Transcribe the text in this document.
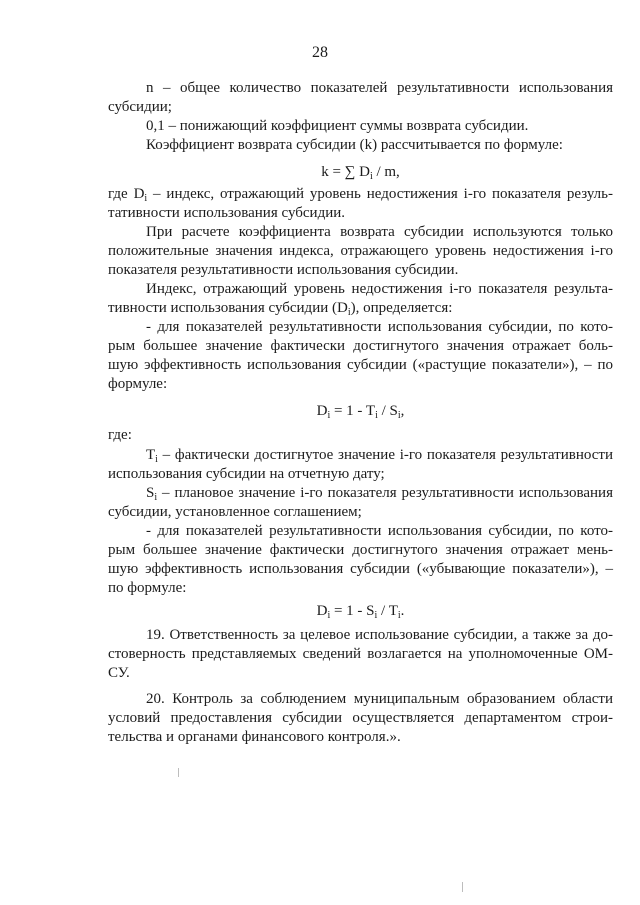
28
n – общее количество показателей результативности использования
субсидии;
0,1 – понижающий коэффициент суммы возврата субсидии.
Коэффициент возврата субсидии (k) рассчитывается по формуле:
k = ∑ $D_i$ / m,
где $D_i$ – индекс, отражающий уровень недостижения i-го показателя резуль-
тативности использования субсидии.
При расчете коэффициента возврата субсидии используются только
положительные значения индекса, отражающего уровень недостижения i-го
показателя результативности использования субсидии.
Индекс, отражающий уровень недостижения i-го показателя результа-
тивности использования субсидии $(D_i)$, определяется:
- для показателей результативности использования субсидии, по кото-
рым большее значение фактически достигнутого значения отражает боль-
шую эффективность использования субсидии («растущие показатели»), – по
формуле:
$D_i = 1 - T_i / S_i$,
где:
$T_i$ – фактически достигнутое значение i-го показателя результативности
использования субсидии на отчетную дату;
$S_i$ – плановое значение i-го показателя результативности использования
субсидии, установленное соглашением;
- для показателей результативности использования субсидии, по кото-
рым большее значение фактически достигнутого значения отражает мень-
шую эффективность использования субсидии («убывающие показатели»), –
по формуле:
$D_i = 1 - S_i / T_i$.
19. Ответственность за целевое использование субсидии, а также за до-
стоверность представляемых сведений возлагается на уполномоченные ОМ-
СУ.
20. Контроль за соблюдением муниципальным образованием области
условий предоставления субсидии осуществляется департаментом строи-
тельства и органами финансового контроля.».
